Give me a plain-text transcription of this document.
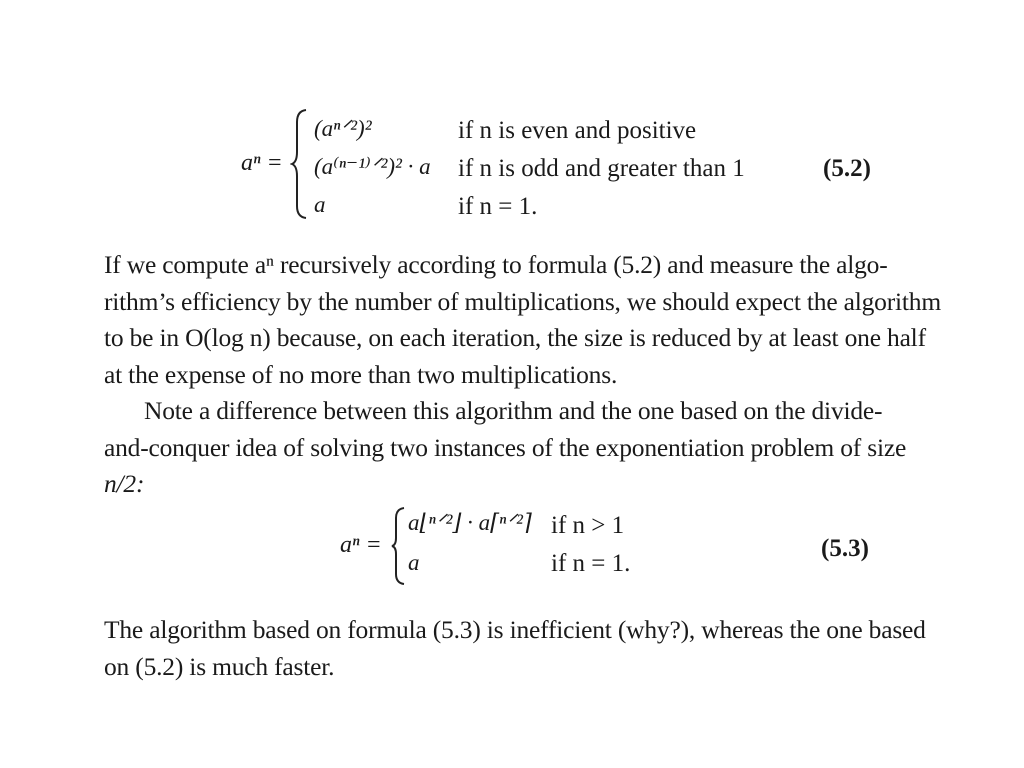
aⁿ =
(aⁿᐟ²)²	if n is even and positive
(a⁽ⁿ⁻¹⁾ᐟ²)² · a if n is odd and greater than 1
a	if n = 1.
(5.2)
If we compute aⁿ recursively according to formula (5.2) and measure the algo-
rithm’s efficiency by the number of multiplications, we should expect the algorithm
to be in O(log n) because, on each iteration, the size is reduced by at least one half
at the expense of no more than two multiplications.
Note a difference between this algorithm and the one based on the divide-
and-conquer idea of solving two instances of the exponentiation problem of size
n/2:
aⁿ =
a⌊ⁿᐟ²⌋ · a⌈ⁿᐟ²⌉ if n > 1
a	if n = 1.
(5.3)
The algorithm based on formula (5.3) is inefficient (why?), whereas the one based
on (5.2) is much faster.
